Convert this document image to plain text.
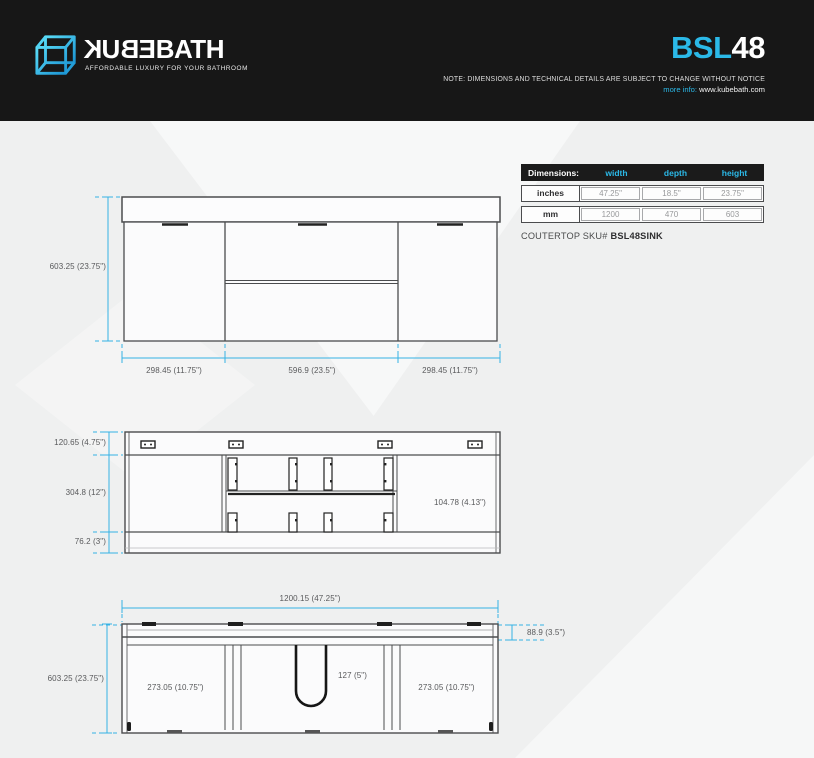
KUBEBATH
AFFORDABLE LUXURY FOR YOUR BATHROOM
BSL48
NOTE: DIMENSIONS AND TECHNICAL DETAILS ARE SUBJECT TO CHANGE WITHOUT NOTICE
more info: www.kubebath.com
603.25 (23.75")
298.45 (11.75")	596.9 (23.5")	298.45 (11.75")
Dimensions:	width	depth	height
inches	47.25"	18.5"	23.75"
mm	1200	470	603
COUTERTOP SKU# BSL48SINK
120.65 (4.75")
304.8 (12")
76.2 (3")
104.78 (4.13")
1200.15 (47.25")
603.25 (23.75")
273.05 (10.75")
127 (5")
273.05 (10.75")
88.9 (3.5")
